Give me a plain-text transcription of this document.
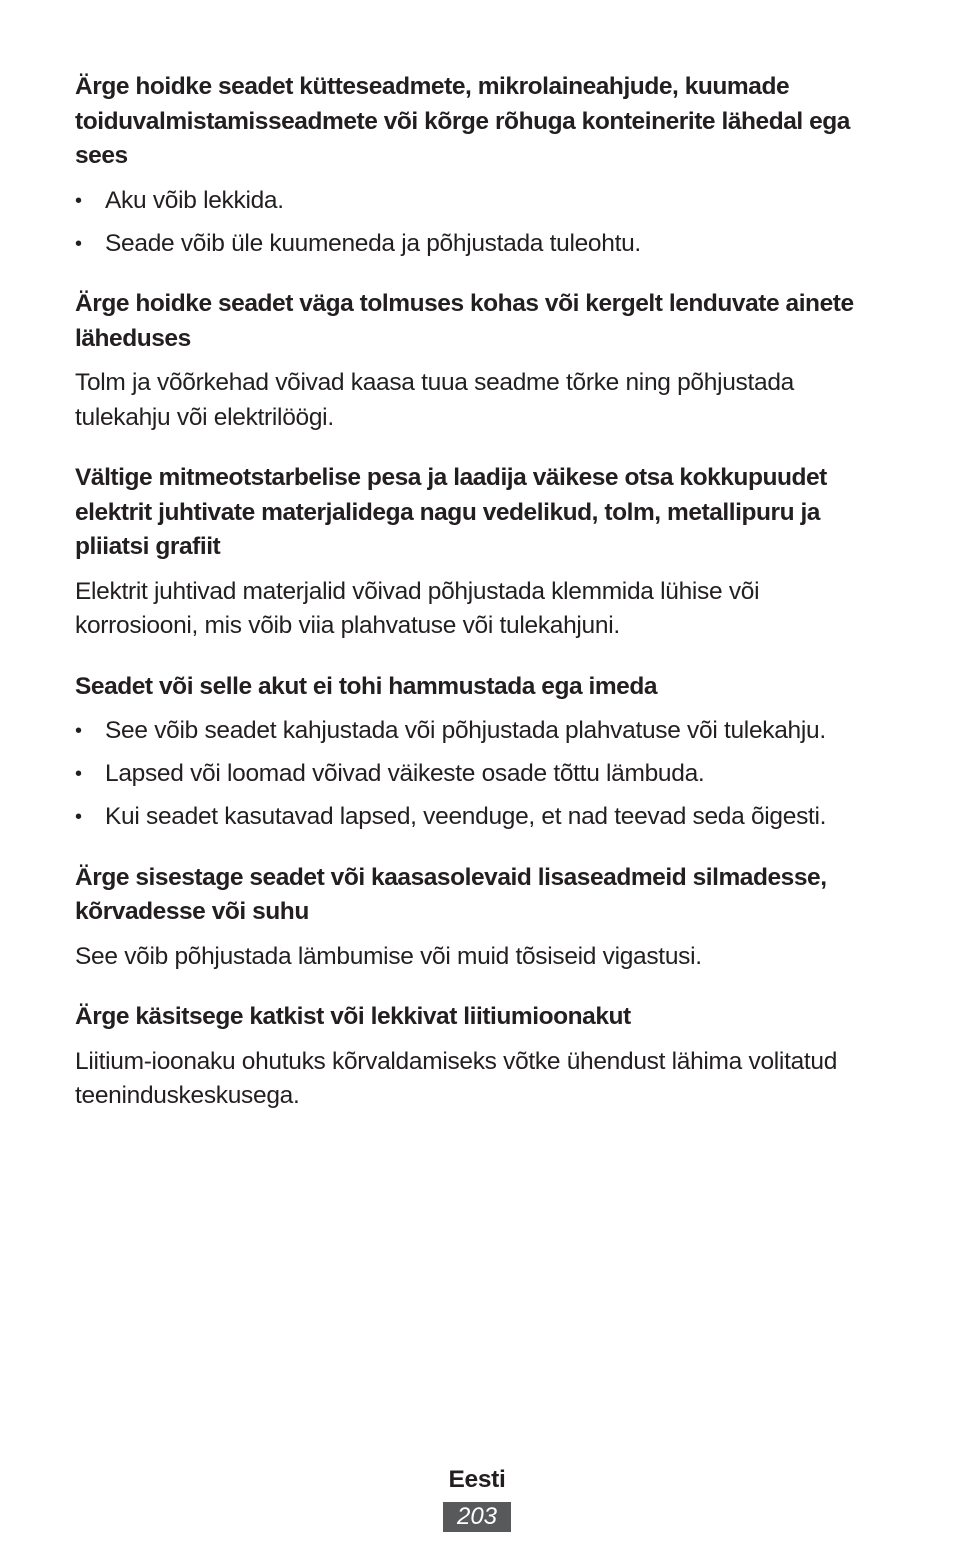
Ärge hoidke seadet kütteseadmete, mikrolaineahjude, kuumade toiduvalmistamisseadmete või kõrge rõhuga konteinerite lähedal ega sees

• Aku võib lekkida.
• Seade võib üle kuumeneda ja põhjustada tuleohtu.

Ärge hoidke seadet väga tolmuses kohas või kergelt lenduvate ainete läheduses

Tolm ja võõrkehad võivad kaasa tuua seadme tõrke ning põhjustada tulekahju või elektrilöögi.

Vältige mitmeotstarbelise pesa ja laadija väikese otsa kokkupuudet elektrit juhtivate materjalidega nagu vedelikud, tolm, metallipuru ja pliiatsi grafiit

Elektrit juhtivad materjalid võivad põhjustada klemmida lühise või korrosiooni, mis võib viia plahvatuse või tulekahjuni.

Seadet või selle akut ei tohi hammustada ega imeda

• See võib seadet kahjustada või põhjustada plahvatuse või tulekahju.
• Lapsed või loomad võivad väikeste osade tõttu lämbuda.
• Kui seadet kasutavad lapsed, veenduge, et nad teevad seda õigesti.

Ärge sisestage seadet või kaasasolevaid lisaseadmeid silmadesse, kõrvadesse või suhu

See võib põhjustada lämbumise või muid tõsiseid vigastusi.

Ärge käsitsege katkist või lekkivat liitiumioonakut

Liitium-ioonaku ohutuks kõrvaldamiseks võtke ühendust lähima volitatud teeninduskeskusega.

Eesti
203
